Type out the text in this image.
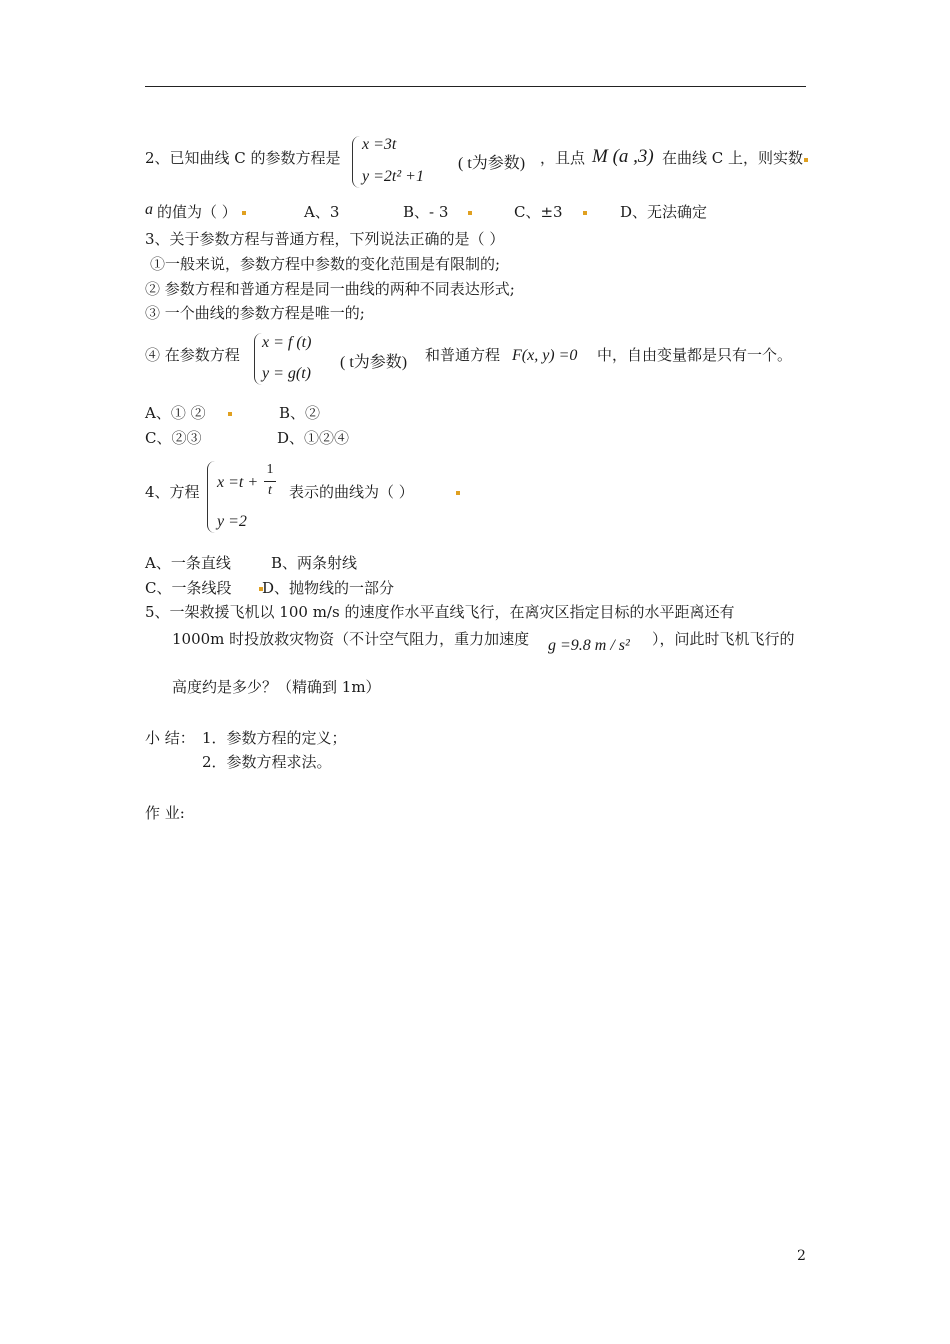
2、已知曲线 C 的参数方程是
x =3t
y =2t² +1
( t为参数) ，且点 M (a ,3) 在曲线 C 上，则实数
a 的值为（ ）	A、3	B、- 3	C、±3	D、无法确定
3、关于参数方程与普通方程，下列说法正确的是（ ）
①一般来说，参数方程中参数的变化范围是有限制的;
② 参数方程和普通方程是同一曲线的两种不同表达形式;
③ 一个曲线的参数方程是唯一的;
④ 在参数方程
x = f (t)
y = g(t)
( t为参数) 和普通方程 F(x, y) =0 中，自由变量都是只有一个。
A、① ②	B、②
C、②③	D、①②④
4、方程
x =t +
1
t
y =2
表示的曲线为（ ）
A、一条直线	B、两条射线
C、一条线段 D、抛物线的一部分
5、一架救援飞机以 100 m/s 的速度作水平直线飞行，在离灾区指定目标的水平距离还有
1000m 时投放救灾物资（不计空气阻力，重力加速度 g =9.8 m / s² ），问此时飞机飞行的
高度约是多少？（精确到 1m）
小 结： 1．参数方程的定义；
2．参数方程求法。
作 业:
2
